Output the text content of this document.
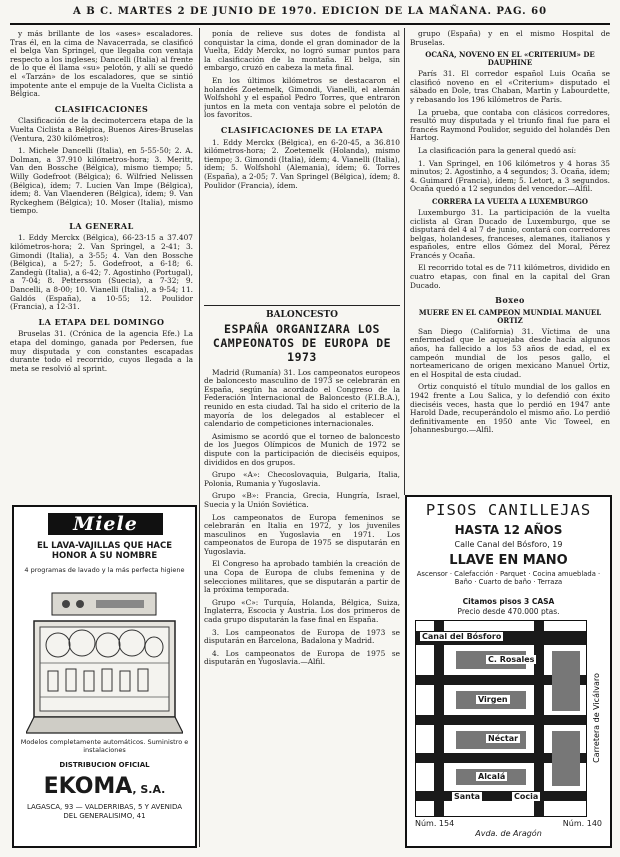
A B C. MARTES 2 DE JUNIO DE 1970. EDICION DE LA MAÑANA. PAG. 60

y más brillante de los «ases» escaladores. Tras él, en la cima de Navacerrada, se clasificó el belga Van Springel, que llegaba con ventaja respecto a los ingleses; Dancelli (Italia) al frente de lo que él llama «su» pelotón, y allí se quedó el «Tarzán» de los escaladores, que se sintió impotente ante el empuje de la Vuelta Ciclista a Bélgica.

CLASIFICACIONES

Clasificación de la decimotercera etapa de la Vuelta Ciclista a Bélgica, Buenos Aires-Bruselas (Ventura, 230 kilómetros):

1. Michele Dancelli (Italia), en 5-55-50; 2. A. Dolman, a 37.910 kilómetros-hora; 3. Meritt, Van den Bossche (Bélgica), mismo tiempo; 5. Willy Godefroot (Bélgica); 6. Wilfried Nelissen (Bélgica), ídem; 7. Lucien Van Impe (Bélgica), ídem; 8. Van Vlaenderen (Bélgica), ídem; 9. Van Ryckeghem (Bélgica); 10. Moser (Italia), mismo tiempo.

LA GENERAL

1. Eddy Merckx (Bélgica), 66-23-15 a 37.407 kilómetros-hora; 2. Van Springel, a 2-41; 3. Gimondi (Italia), a 3-55; 4. Van den Bossche (Bélgica), a 5-27; 5. Godefroot, a 6-18; 6. Zandegù (Italia), a 6-42; 7. Agostinho (Portugal), a 7-04; 8. Pettersson (Suecia), a 7-32; 9. Dancelli, a 8-00; 10. Vianelli (Italia), a 9-54; 11. Galdós (España), a 10-55; 12. Poulidor (Francia), a 12-31.

LA ETAPA DEL DOMINGO

Bruselas 31. (Crónica de la agencia Efe.) La etapa del domingo, ganada por Pedersen, fue muy disputada y con constantes escapadas durante todo el recorrido, cuyos llegada a la meta se resolvió al sprint.

ponía de relieve sus dotes de fondista al conquistar la cima, donde el gran dominador de la Vuelta, Eddy Merckx, no logró sumar puntos para la clasificación de la montaña. El belga, sin embargo, cruzó en cabeza la meta final.

En los últimos kilómetros se destacaron el holandés Zoetemelk, Gimondi, Vianelli, el alemán Wolfshohl y el español Pedro Torres, que entraron juntos en la meta con ventaja sobre el pelotón de los favoritos.

CLASIFICACIONES DE LA ETAPA

1. Eddy Merckx (Bélgica), en 6-20-45, a 36.810 kilómetros-hora; 2. Zoetemelk (Holanda), mismo tiempo; 3. Gimondi (Italia), ídem; 4. Vianelli (Italia), ídem; 5. Wolfshohl (Alemania), ídem; 6. Torres (España), a 2-05; 7. Van Springel (Bélgica), ídem; 8. Poulidor (Francia), ídem.

BALONCESTO
ESPAÑA ORGANIZARA LOS CAMPEONATOS DE EUROPA DE 1973

Madrid (Rumanía) 31. Los campeonatos europeos de baloncesto masculino de 1973 se celebrarán en España, según ha acordado el Congreso de la Federación Internacional de Baloncesto (F.I.B.A.), reunido en esta ciudad. Tal ha sido el criterio de la mayoría de los delegados al establecer el calendario de competiciones internacionales.

Asimismo se acordó que el torneo de baloncesto de los Juegos Olímpicos de Munich de 1972 se dispute con la participación de dieciséis equipos, divididos en dos grupos.

Grupo «A»: Checoslovaquia, Bulgaria, Italia, Polonia, Rumania y Yugoslavia.

Grupo «B»: Francia, Grecia, Hungría, Israel, Suecia y la Unión Soviética.

Los campeonatos de Europa femeninos se celebrarán en Italia en 1972, y los juveniles masculinos en Yugoslavia en 1971. Los campeonatos de Europa de 1975 se disputarán en Yugoslavia.

El Congreso ha aprobado también la creación de una Copa de Europa de clubs femenina y de selecciones militares, que se disputarán a partir de la próxima temporada.

Grupo «C»: Turquía, Holanda, Bélgica, Suiza, Inglaterra, Escocia y Austria. Los dos primeros de cada grupo disputarán la fase final en España.

3. Los campeonatos de Europa de 1973 se disputarán en Barcelona, Badalona y Madrid.

4. Los campeonatos de Europa de 1975 se disputarán en Yugoslavia.—Alfil.

grupo (España) y en el mismo Hospital de Bruselas.

OCAÑA, NOVENO EN EL «CRITERIUM» DE DAUPHINE

París 31. El corredor español Luis Ocaña se clasificó noveno en el «Criterium» disputado el sábado en Dole, tras Chaban, Martin y Labourdette, y rebasando los 196 kilómetros de París.

La prueba, que contaba con clásicos corredores, resultó muy disputada y el triunfo final fue para el francés Raymond Poulidor, seguido del holandés Den Hartog.

La clasificación para la general quedó así:

1. Van Springel, en 106 kilómetros y 4 horas 35 minutos; 2. Agostinho, a 4 segundos; 3. Ocaña, ídem; 4. Guimard (Francia), ídem; 5. Letort, a 3 segundos. Ocaña quedó a 12 segundos del vencedor.—Alfil.

CORRERA LA VUELTA A LUXEMBURGO

Luxemburgo 31. La participación de la vuelta ciclista al Gran Ducado de Luxemburgo, que se disputará del 4 al 7 de junio, contará con corredores belgas, holandeses, franceses, alemanes, italianos y españoles, entre ellos Gómez del Moral, Pérez Francés y Ocaña.

El recorrido total es de 711 kilómetros, dividido en cuatro etapas, con final en la capital del Gran Ducado.

Boxeo
MUERE EN EL CAMPEON MUNDIAL MANUEL ORTIZ

San Diego (California) 31. Víctima de una enfermedad que le aquejaba desde hacía algunos años, ha fallecido a los 53 años de edad, el ex campeón mundial de los pesos gallo, el norteamericano de origen mexicano Manuel Ortiz, en el Hospital de esta ciudad.

Ortiz conquistó el título mundial de los gallos en 1942 frente a Lou Salica, y lo defendió con éxito dieciséis veces, hasta que lo perdió en 1947 ante Harold Dade, recuperándolo el mismo año. Lo perdió definitivamente en 1950 ante Vic Toweel, en Johannesburgo.—Alfil.

Miele
EL LAVA-VAJILLAS QUE HACE HONOR A SU NOMBRE
4 programas de lavado y la más perfecta higiene
Modelos completamente automáticos. Suministro e instalaciones
DISTRIBUCION OFICIAL
EKOMA, S.A.
LAGASCA, 93 — VALDERRIBAS, 5 Y AVENIDA DEL GENERALISIMO, 41
PISOS CANILLEJAS
HASTA 12 AÑOS
Calle Canal del Bósforo, 19
LLAVE EN MANO
Ascensor · Calefacción · Parquet · Cocina amueblada · Baño · Cuarto de baño · Terraza
Citamos pisos 3 CASA
Precio desde 470.000 ptas.
Canal del Bósforo
C. Rosales
Virgen
Néctar
Alcalá
Santa	Cocia
Carretera de Vicálvaro
Núm. 154	Núm. 140
Avda. de Aragón
